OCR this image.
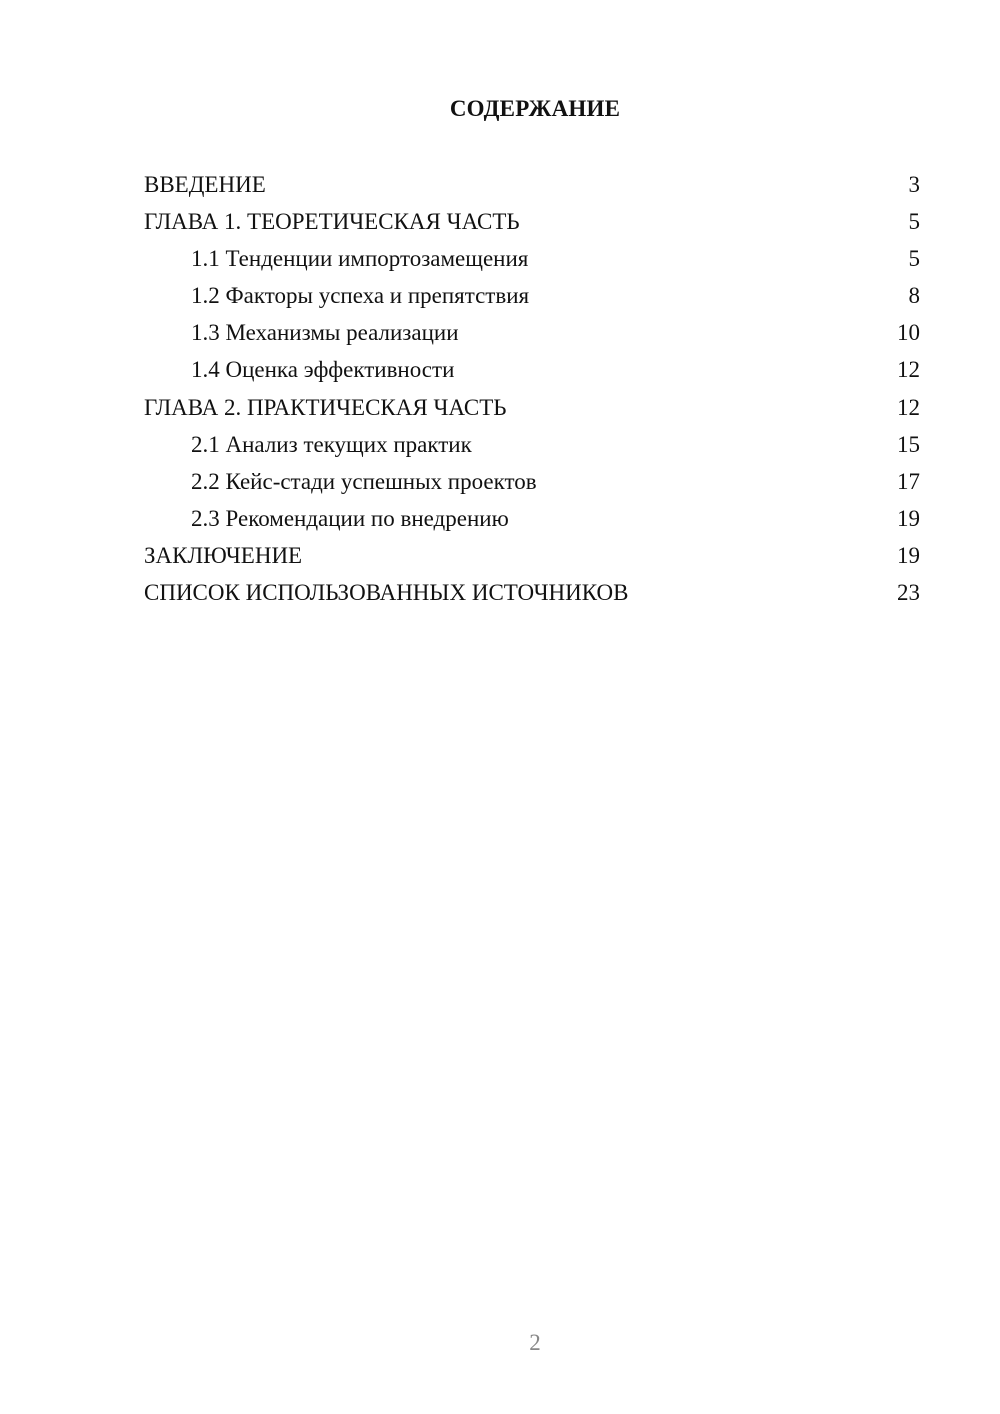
СОДЕРЖАНИЕ
ВВЕДЕНИЕ	3
ГЛАВА 1. ТЕОРЕТИЧЕСКАЯ ЧАСТЬ	5
1.1 Тенденции импортозамещения	5
1.2 Факторы успеха и препятствия	8
1.3 Механизмы реализации	10
1.4 Оценка эффективности	12
ГЛАВА 2. ПРАКТИЧЕСКАЯ ЧАСТЬ	12
2.1 Анализ текущих практик	15
2.2 Кейс-стади успешных проектов	17
2.3 Рекомендации по внедрению	19
ЗАКЛЮЧЕНИЕ	19
СПИСОК ИСПОЛЬЗОВАННЫХ ИСТОЧНИКОВ	23
2
